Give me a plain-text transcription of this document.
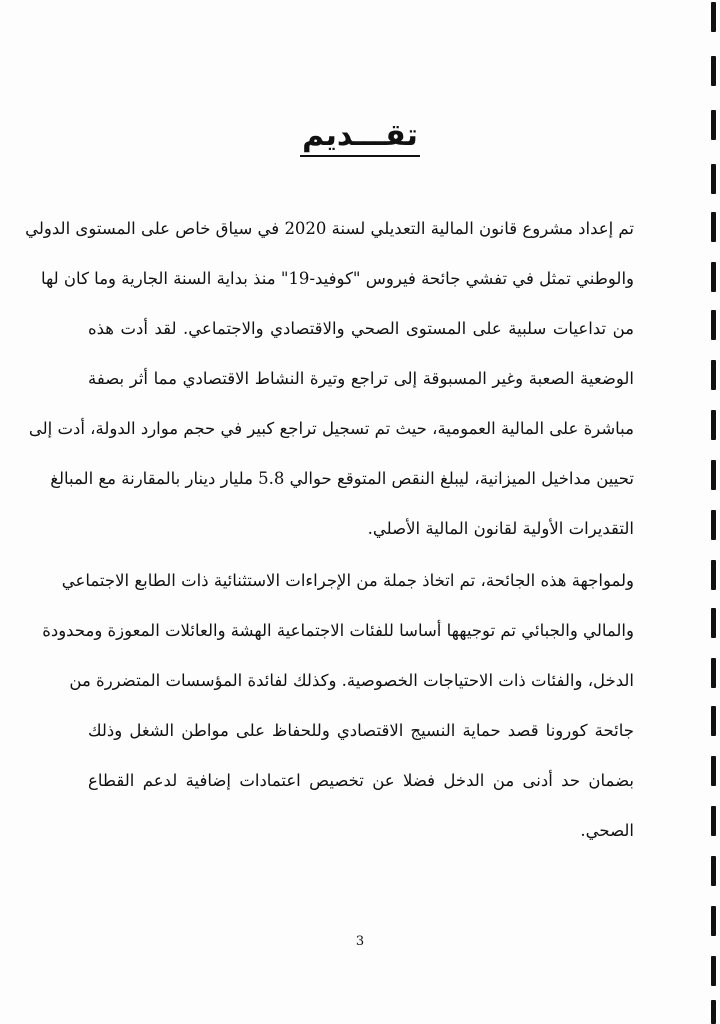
تقـــديم
تم إعداد مشروع قانون المالية التعديلي لسنة 2020 في سياق خاص على المستوى الدولي
والوطني تمثل في تفشي جائحة فيروس "كوفيد-19" منذ بداية السنة الجارية وما كان لها
من تداعيات سلبية على المستوى الصحي والاقتصادي والاجتماعي. لقد أدت هذه
الوضعية الصعبة وغير المسبوقة إلى تراجع وتيرة النشاط الاقتصادي مما أثر بصفة
مباشرة على المالية العمومية، حيث تم تسجيل تراجع كبير في حجم موارد الدولة، أدت إلى
تحيين مداخيل الميزانية، ليبلغ النقص المتوقع حوالي 5.8 مليار دينار بالمقارنة مع المبالغ
التقديرات الأولية لقانون المالية الأصلي.
ولمواجهة هذه الجائحة، تم اتخاذ جملة من الإجراءات الاستثنائية ذات الطابع الاجتماعي
والمالي والجبائي تم توجيهها أساسا للفئات الاجتماعية الهشة والعائلات المعوزة ومحدودة
الدخل، والفئات ذات الاحتياجات الخصوصية. وكذلك لفائدة المؤسسات المتضررة من
جائحة كورونا قصد حماية النسيج الاقتصادي وللحفاظ على مواطن الشغل وذلك
بضمان حد أدنى من الدخل فضلا عن تخصيص اعتمادات إضافية لدعم القطاع
الصحي.
3
